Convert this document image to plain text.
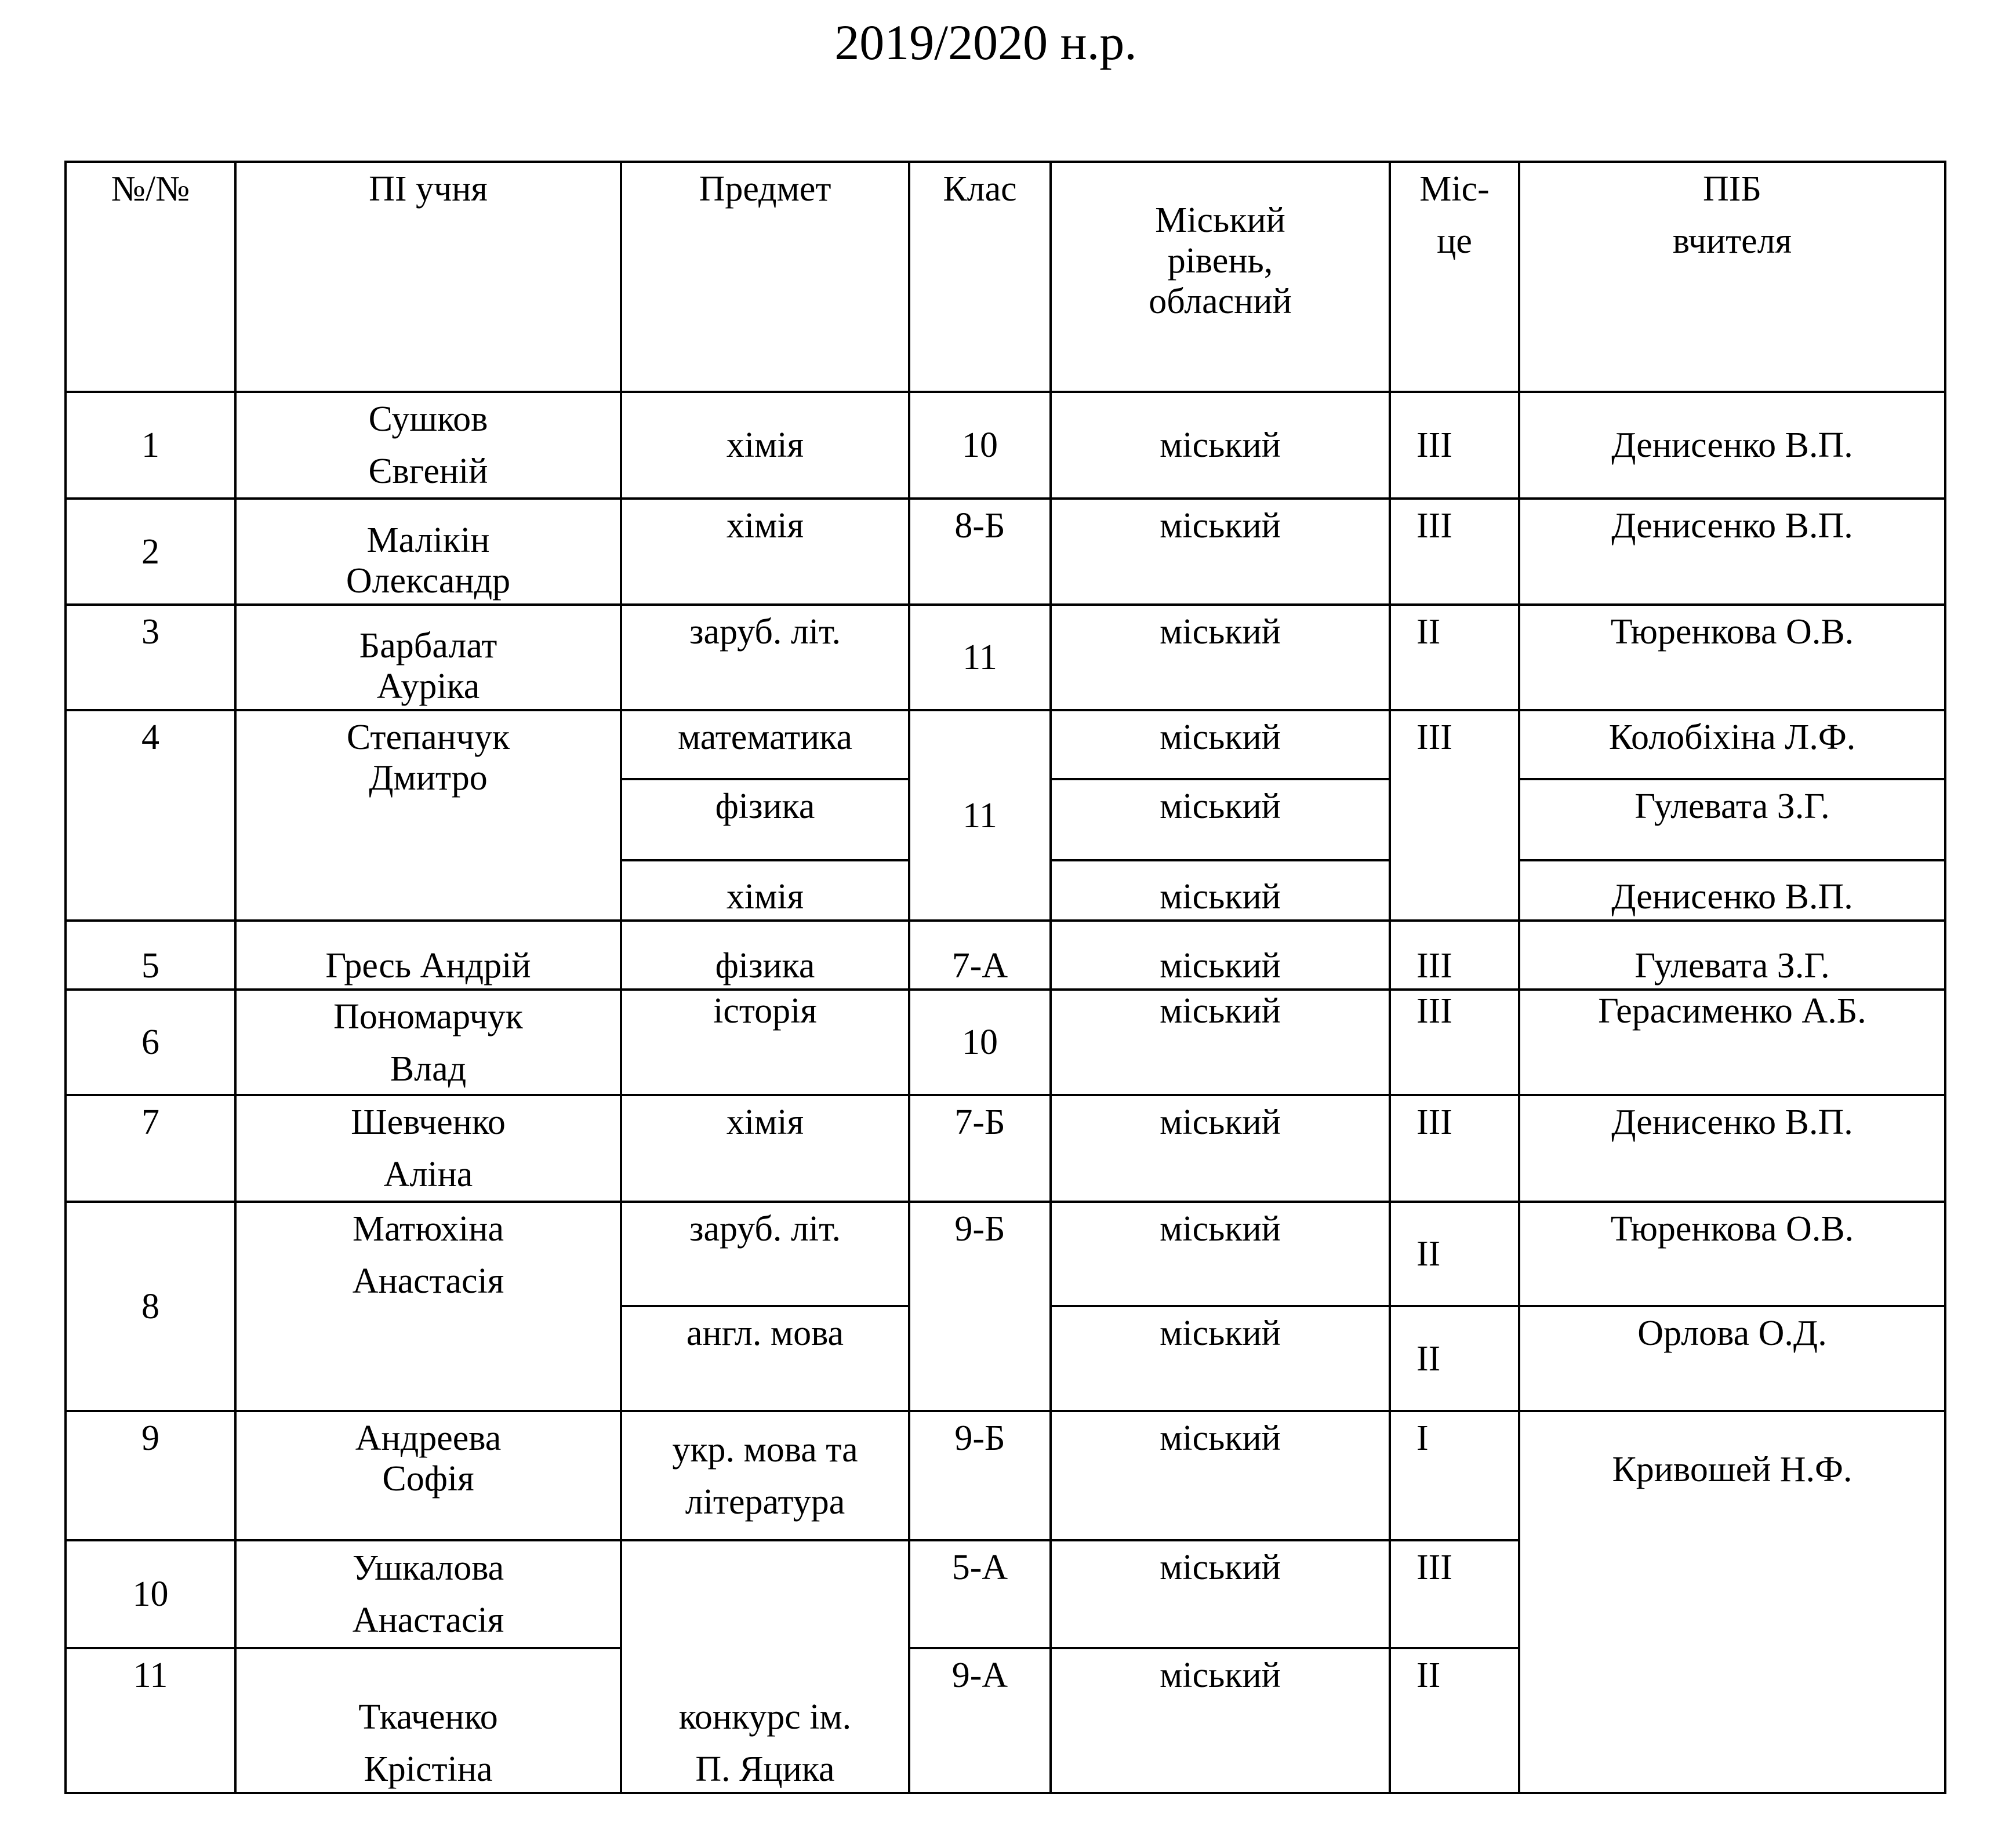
2019/2020 н.р.
№/№	ПІ учня	Предмет	Клас	Міський
рівень,
обласний	Міс-
це	ПІБ
вчителя

1	Сушков
Євгеній	хімія	10	міський	ІІІ	Денисенко В.П.
2	Малікін
Олександр	хімія	8-Б	міський	ІІІ	Денисенко В.П.
3	Барбалат
Ауріка	заруб. літ.	11	міський	ІІ	Тюренкова О.В.
4	Степанчук
Дмитро	математика	11	міський	ІІІ	Колобіхіна Л.Ф.
		фізика		міський		Гулевата З.Г.
		хімія		міський		Денисенко В.П.
5	Гресь Андрій	фізика	7-А	міський	ІІІ	Гулевата З.Г.
6	Пономарчук
Влад	історія	10	міський	ІІІ	Герасименко А.Б.
7	Шевченко
Аліна	хімія	7-Б	міський	ІІІ	Денисенко В.П.
8	Матюхіна
Анастасія	заруб. літ.	9-Б	міський	ІІ	Тюренкова О.В.
		англ. мова		міський	ІІ	Орлова О.Д.
9	Андреева
Софія	укр. мова та
література	9-Б	міський	І	Кривошей Н.Ф.
10	Ушкалова
Анастасія	конкурс ім.
П. Яцика	5-А	міський	ІІІ	
11	Ткаченко
Крістіна		9-А	міський	ІІ	
